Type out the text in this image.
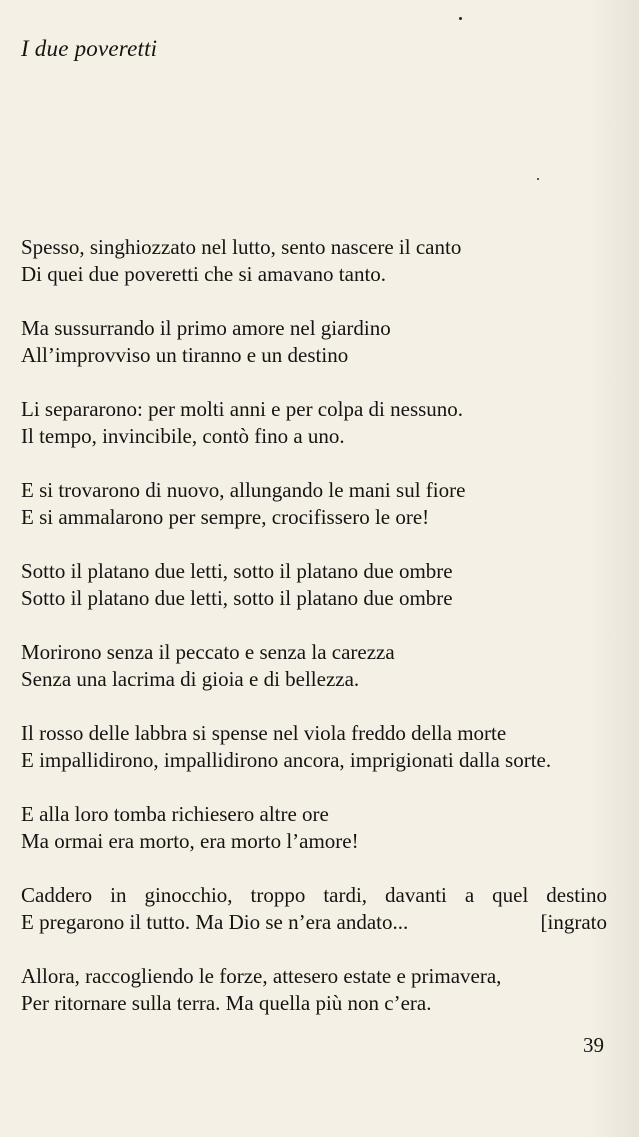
I due poveretti
Spesso, singhiozzato nel lutto, sento nascere il canto
Di quei due poveretti che si amavano tanto.
Ma sussurrando il primo amore nel giardino
All’improvviso un tiranno e un destino
Li separarono: per molti anni e per colpa di nessuno.
Il tempo, invincibile, contò fino a uno.
E si trovarono di nuovo, allungando le mani sul fiore
E si ammalarono per sempre, crocifissero le ore!
Sotto il platano due letti, sotto il platano due ombre
Sotto il platano due letti, sotto il platano due ombre
Morirono senza il peccato e senza la carezza
Senza una lacrima di gioia e di bellezza.
Il rosso delle labbra si spense nel viola freddo della morte
E impallidirono, impallidirono ancora, imprigionati dalla sorte.
E alla loro tomba richiesero altre ore
Ma ormai era morto, era morto l’amore!
Caddero in ginocchio, troppo tardi, davanti a quel destino
E pregarono il tutto. Ma Dio se n’era andato...	[ingrato
Allora, raccogliendo le forze, attesero estate e primavera,
Per ritornare sulla terra. Ma quella più non c’era.

39
